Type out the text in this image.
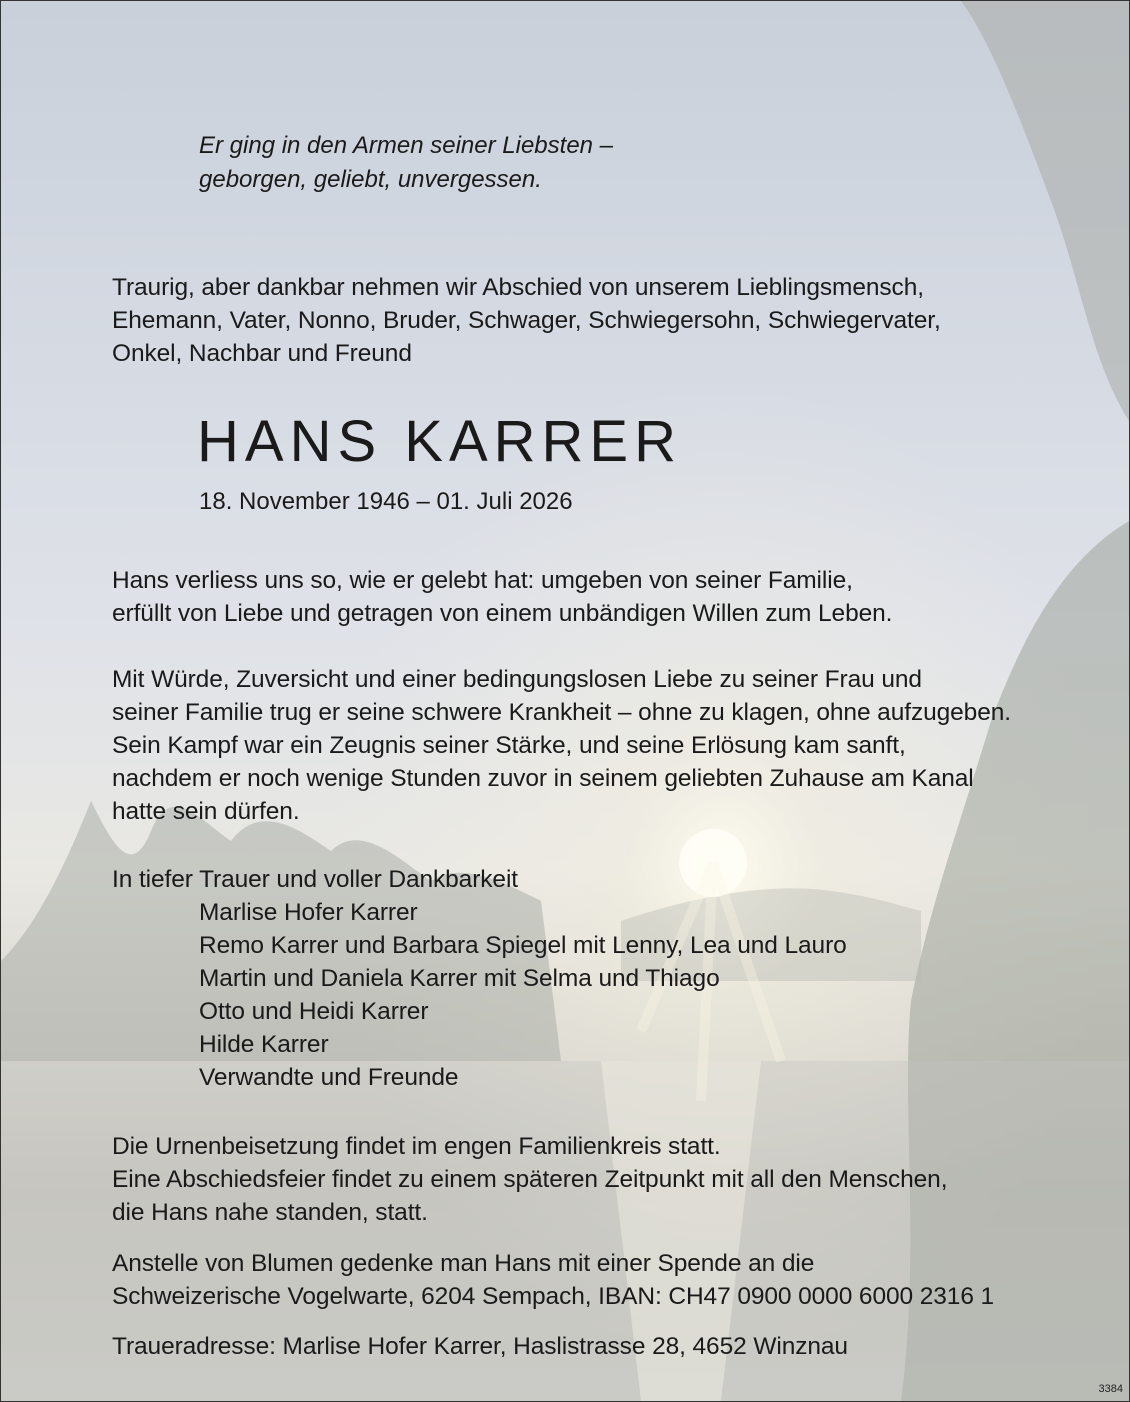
Er ging in den Armen seiner Liebsten –
geborgen, geliebt, unvergessen.
Traurig, aber dankbar nehmen wir Abschied von unserem Lieblingsmensch,
Ehemann, Vater, Nonno, Bruder, Schwager, Schwiegersohn, Schwiegervater,
Onkel, Nachbar und Freund
HANS KARRER
18. November 1946 – 01. Juli 2026
Hans verliess uns so, wie er gelebt hat: umgeben von seiner Familie,
erfüllt von Liebe und getragen von einem unbändigen Willen zum Leben.
Mit Würde, Zuversicht und einer bedingungslosen Liebe zu seiner Frau und
seiner Familie trug er seine schwere Krankheit – ohne zu klagen, ohne aufzugeben.
Sein Kampf war ein Zeugnis seiner Stärke, und seine Erlösung kam sanft,
nachdem er noch wenige Stunden zuvor in seinem geliebten Zuhause am Kanal
hatte sein dürfen.
In tiefer Trauer und voller Dankbarkeit
Marlise Hofer Karrer
Remo Karrer und Barbara Spiegel mit Lenny, Lea und Lauro
Martin und Daniela Karrer mit Selma und Thiago
Otto und Heidi Karrer
Hilde Karrer
Verwandte und Freunde
Die Urnenbeisetzung findet im engen Familienkreis statt.
Eine Abschiedsfeier findet zu einem späteren Zeitpunkt mit all den Menschen,
die Hans nahe standen, statt.
Anstelle von Blumen gedenke man Hans mit einer Spende an die
Schweizerische Vogelwarte, 6204 Sempach, IBAN: CH47 0900 0000 6000 2316 1
Traueradresse: Marlise Hofer Karrer, Haslistrasse 28, 4652 Winznau
3384
